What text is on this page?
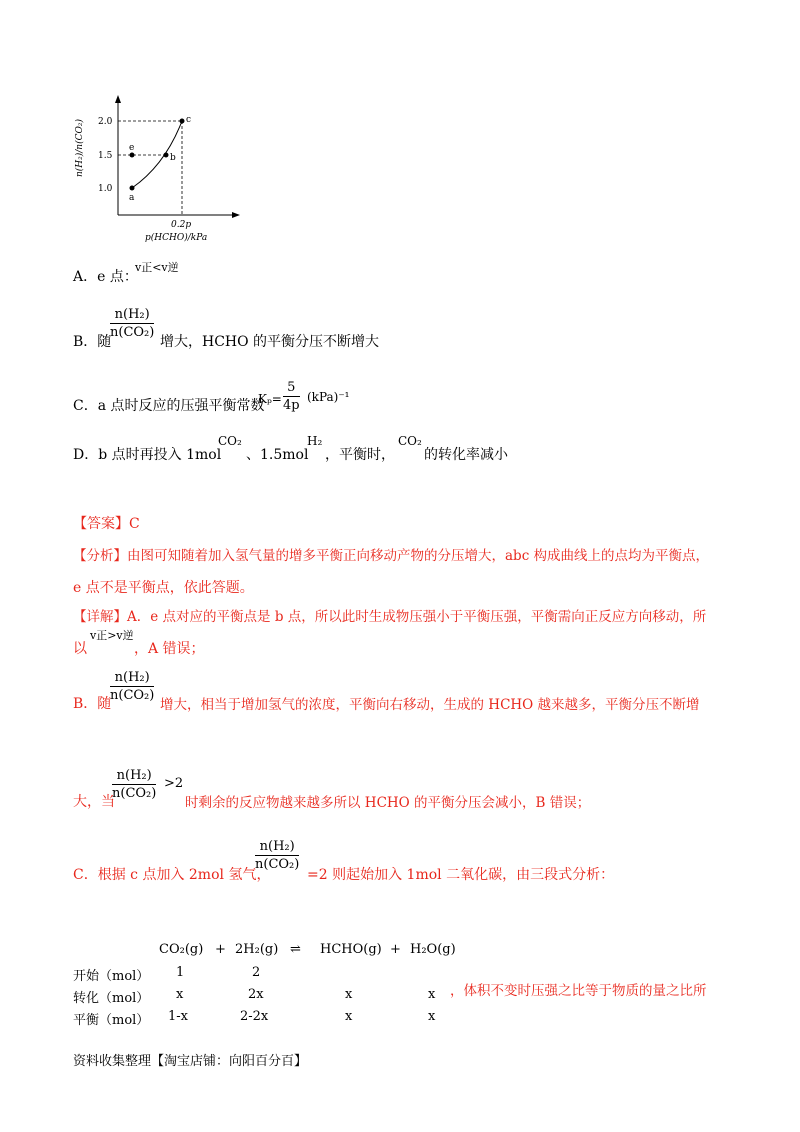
a
b
c
e
2.0
1.5
1.0
0.2p
p(HCHO)/kPa
n(H₂)/n(CO₂)
A．e 点：
v正<v逆
B．随
$\frac{\text{n(H₂)}}{\text{n(CO₂)}}$
增大，HCHO 的平衡分压不断增大
C．a 点时反应的压强平衡常数
$K_p= \frac{5}{4p} (kPa)^{-1}$
D．b 点时再投入 1mol
CO₂
、1.5mol
H₂
，平衡时，
CO₂
的转化率减小
【答案】C
【分析】由图可知随着加入氢气量的增多平衡正向移动产物的分压增大，abc 构成曲线上的点均为平衡点，
e 点不是平衡点，依此答题。
【详解】A．e 点对应的平衡点是 b 点，所以此时生成物压强小于平衡压强，平衡需向正反应方向移动，所
以
v正>v逆
，A 错误；
B．随
$\frac{\text{n(H₂)}}{\text{n(CO₂)}}$
增大，相当于增加氢气的浓度，平衡向右移动，生成的 HCHO 越来越多，平衡分压不断增
大，当
$\frac{\text{n(H₂)}}{\text{n(CO₂)}} >2$
时剩余的反应物越来越多所以 HCHO 的平衡分压会减小，B 错误；
C．根据 c 点加入 2mol 氢气，
$\frac{\text{n(H₂)}}{\text{n(CO₂)}}$
=2 则起始加入 1mol 二氧化碳，由三段式分析：
CO₂(g) + 2H₂(g) ⇌ HCHO(g) + H₂O(g)
开始（mol） 1	2
转化（mol） x	2x	x	x ，体积不变时压强之比等于物质的量之比所
平衡（mol） 1-x	2-2x	x	x
资料收集整理【淘宝店铺：向阳百分百】
